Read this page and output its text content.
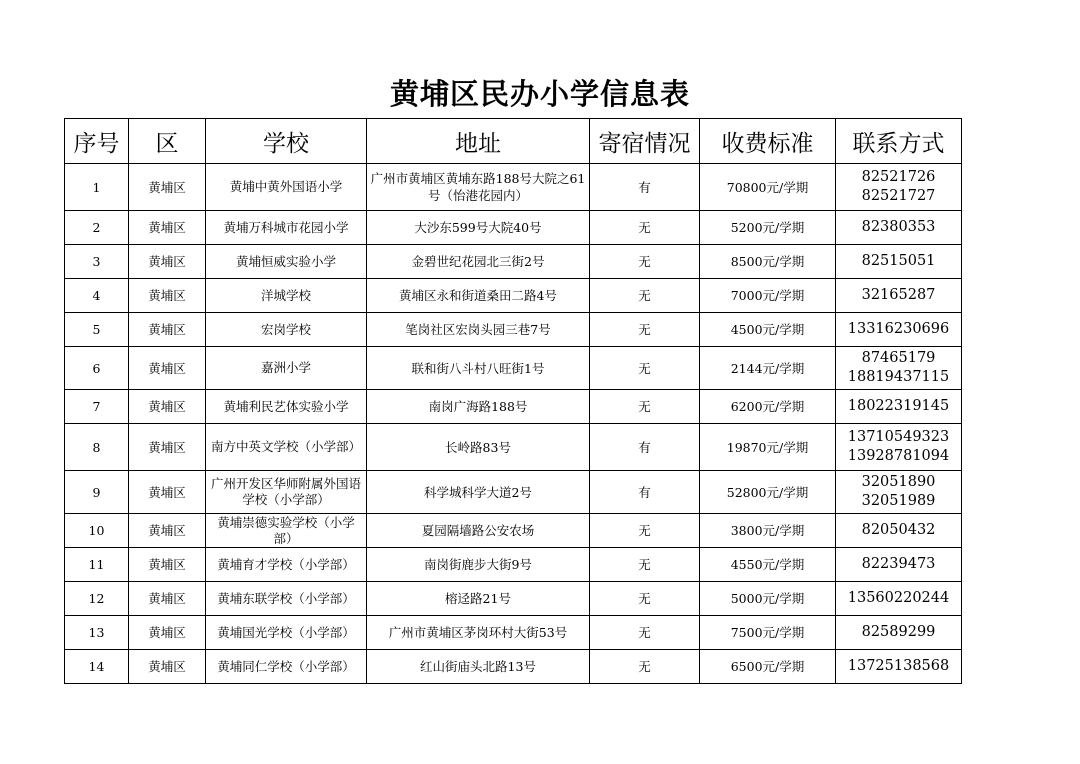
黄埔区民办小学信息表
序号	区	学校	地址	寄宿情况	收费标准	联系方式
1	黄埔区	黄埔中黄外国语小学	广州市黄埔区黄埔东路188号大院之61号（怡港花园内）	有	70800元/学期	82521726
82521727

2	黄埔区	黄埔万科城市花园小学	大沙东599号大院40号	无	5200元/学期	82380353

3	黄埔区	黄埔恒威实验小学	金碧世纪花园北三街2号	无	8500元/学期	82515051

4	黄埔区	洋城学校	黄埔区永和街道桑田二路4号	无	7000元/学期	32165287

5	黄埔区	宏岗学校	笔岗社区宏岗头园三巷7号	无	4500元/学期	13316230696

6	黄埔区	嘉洲小学	联和街八斗村八旺街1号	无	2144元/学期	87465179
18819437115

7	黄埔区	黄埔利民艺体实验小学	南岗广海路188号	无	6200元/学期	18022319145

8	黄埔区	南方中英文学校（小学部）	长岭路83号	有	19870元/学期	13710549323
13928781094

9	黄埔区	广州开发区华师附属外国语学校（小学部）	科学城科学大道2号	有	52800元/学期	32051890
32051989

10	黄埔区	黄埔崇德实验学校（小学部）	夏园隔墙路公安农场	无	3800元/学期	82050432

11	黄埔区	黄埔育才学校（小学部）	南岗街鹿步大街9号	无	4550元/学期	82239473

12	黄埔区	黄埔东联学校（小学部）	榕迳路21号	无	5000元/学期	13560220244

13	黄埔区	黄埔国光学校（小学部）	广州市黄埔区茅岗环村大街53号	无	7500元/学期	82589299

14	黄埔区	黄埔同仁学校（小学部）	红山街庙头北路13号	无	6500元/学期	13725138568
